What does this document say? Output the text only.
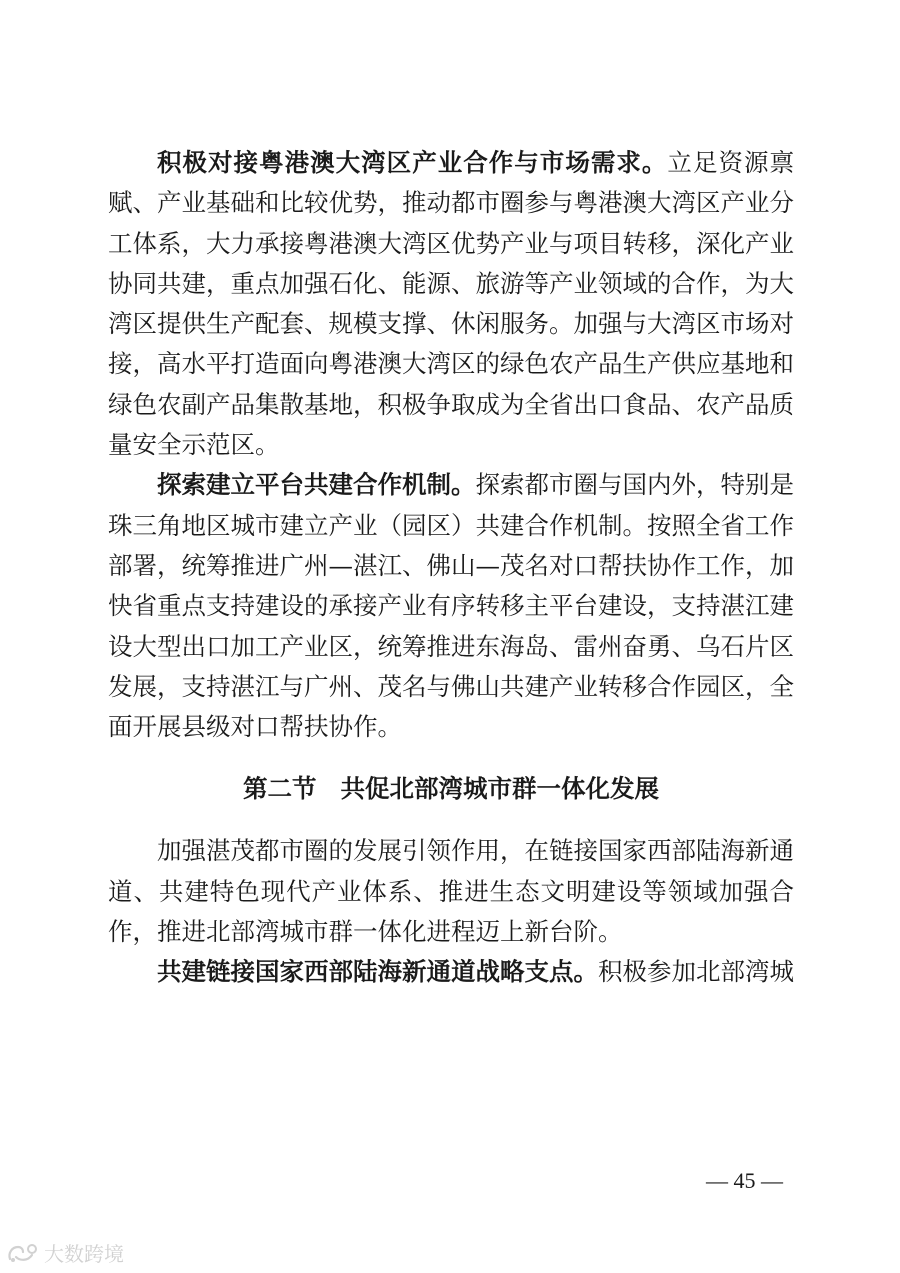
积极对接粤港澳大湾区产业合作与市场需求。立足资源禀赋、产业基础和比较优势，推动都市圈参与粤港澳大湾区产业分工体系，大力承接粤港澳大湾区优势产业与项目转移，深化产业协同共建，重点加强石化、能源、旅游等产业领域的合作，为大湾区提供生产配套、规模支撑、休闲服务。加强与大湾区市场对接，高水平打造面向粤港澳大湾区的绿色农产品生产供应基地和绿色农副产品集散基地，积极争取成为全省出口食品、农产品质量安全示范区。

探索建立平台共建合作机制。探索都市圈与国内外，特别是珠三角地区城市建立产业（园区）共建合作机制。按照全省工作部署，统筹推进广州—湛江、佛山—茂名对口帮扶协作工作，加快省重点支持建设的承接产业有序转移主平台建设，支持湛江建设大型出口加工产业区，统筹推进东海岛、雷州奋勇、乌石片区发展，支持湛江与广州、茂名与佛山共建产业转移合作园区，全面开展县级对口帮扶协作。

第二节 共促北部湾城市群一体化发展

加强湛茂都市圈的发展引领作用，在链接国家西部陆海新通道、共建特色现代产业体系、推进生态文明建设等领域加强合作，推进北部湾城市群一体化进程迈上新台阶。

共建链接国家西部陆海新通道战略支点。积极参加北部湾城

— 45 —
大数跨境
